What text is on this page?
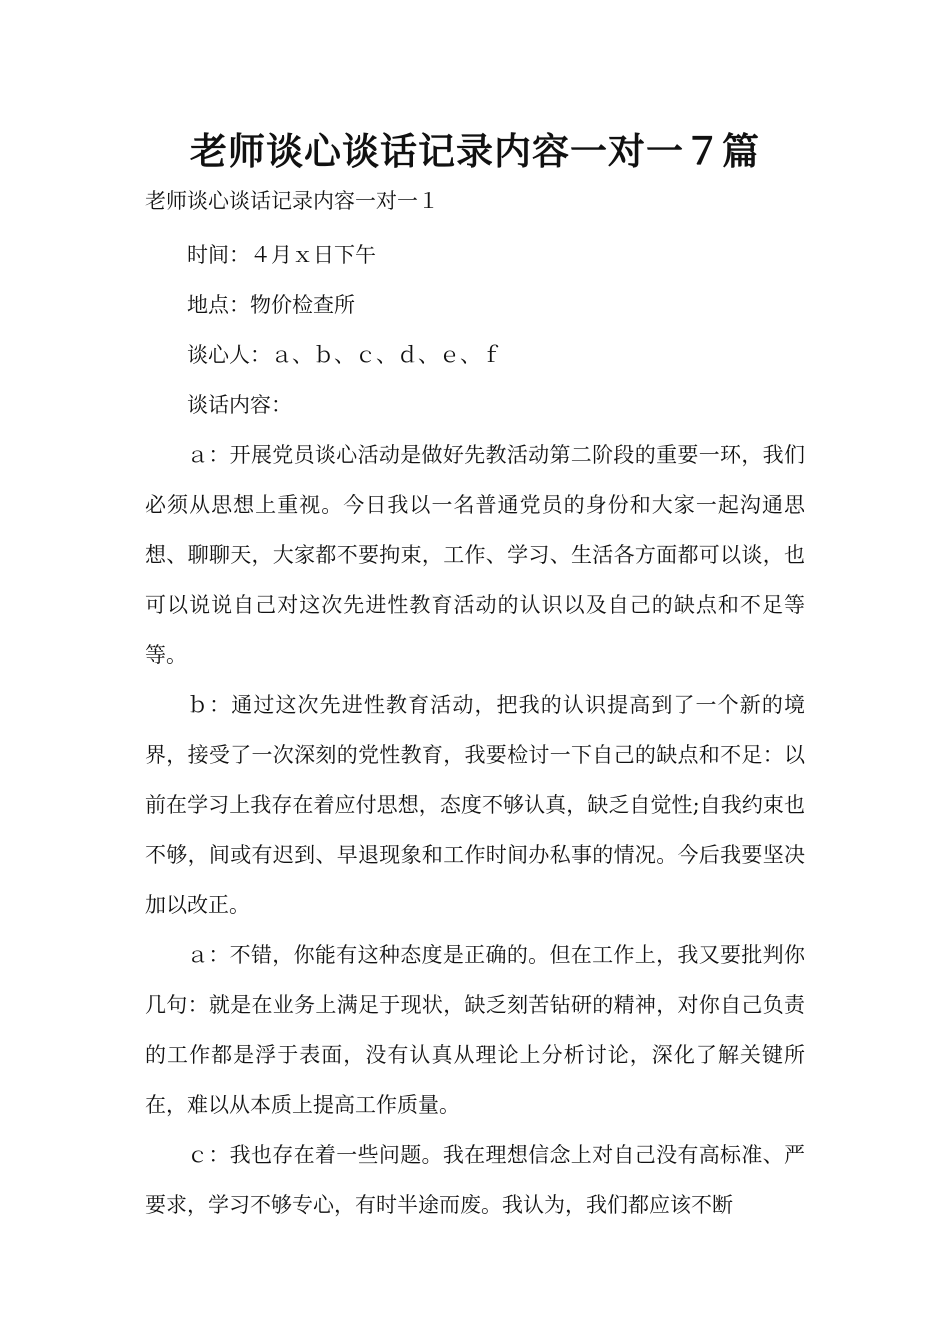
老师谈心谈话记录内容一对一７篇
老师谈心谈话记录内容一对一１

时间：４月ｘ日下午

地点：物价检查所

谈心人：ａ、ｂ、ｃ、ｄ、ｅ、ｆ

谈话内容：

ａ：开展党员谈心活动是做好先教活动第二阶段的重要一环，我们必须从思想上重视。今日我以一名普通党员的身份和大家一起沟通思想、聊聊天，大家都不要拘束，工作、学习、生活各方面都可以谈，也可以说说自己对这次先进性教育活动的认识以及自己的缺点和不足等等。

ｂ：通过这次先进性教育活动，把我的认识提高到了一个新的境界，接受了一次深刻的党性教育，我要检讨一下自己的缺点和不足：以前在学习上我存在着应付思想，态度不够认真，缺乏自觉性;自我约束也不够，间或有迟到、早退现象和工作时间办私事的情况。今后我要坚决加以改正。

ａ：不错，你能有这种态度是正确的。但在工作上，我又要批判你几句：就是在业务上满足于现状，缺乏刻苦钻研的精神，对你自己负责的工作都是浮于表面，没有认真从理论上分析讨论，深化了解关键所在，难以从本质上提高工作质量。

ｃ：我也存在着一些问题。我在理想信念上对自己没有高标准、严要求，学习不够专心，有时半途而废。我认为，我们都应该不断
